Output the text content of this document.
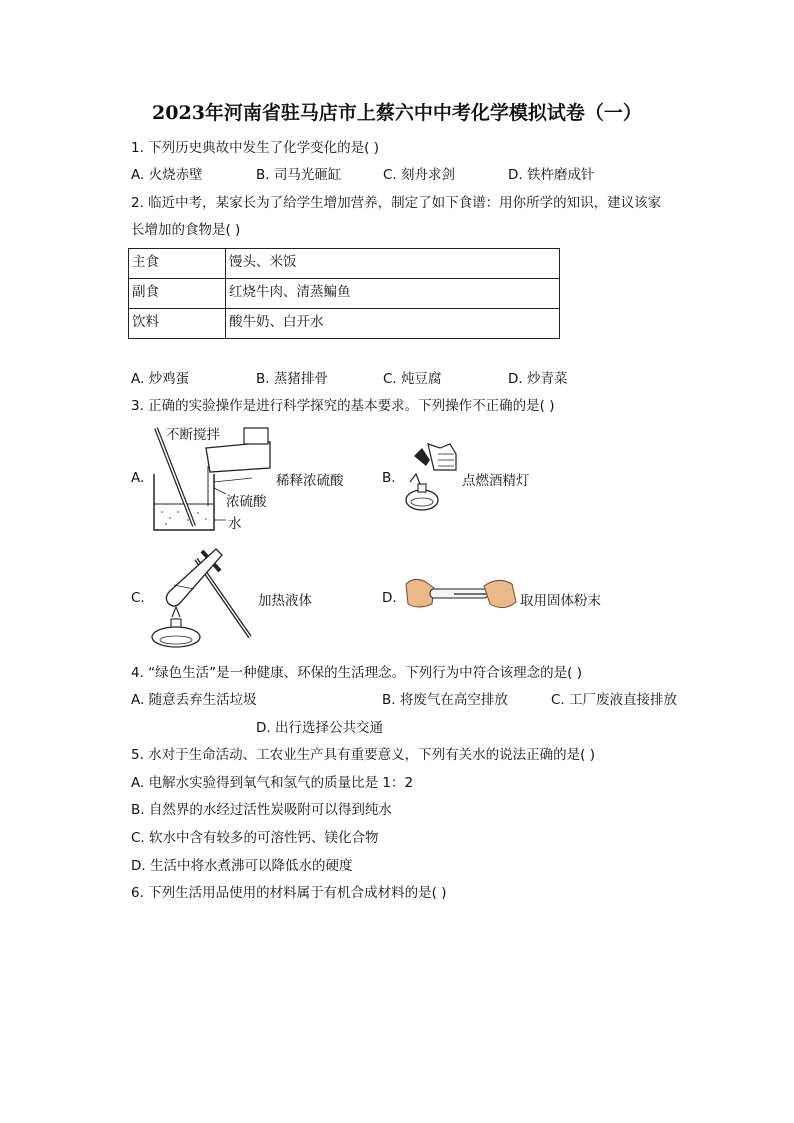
2023年河南省驻马店市上蔡六中中考化学模拟试卷（一）
1. 下列历史典故中发生了化学变化的是( )
A. 火烧赤壁	B. 司马光砸缸	C. 刻舟求剑	D. 铁杵磨成针
2. 临近中考，某家长为了给学生增加营养，制定了如下食谱：用你所学的知识，建议该家
长增加的食物是( )
主食	馒头、米饭
副食	红烧牛肉、清蒸鳊鱼
饮料	酸牛奶、白开水
A. 炒鸡蛋	B. 蒸猪排骨	C. 炖豆腐	D. 炒青菜
3. 正确的实验操作是进行科学探究的基本要求。下列操作不正确的是( )
A.
不断搅拌
稀释浓硫酸
浓硫酸
水
B.	点燃酒精灯
C.	加热液体	D.	取用固体粉末
4. “绿色生活”是一种健康、环保的生活理念。下列行为中符合该理念的是( )
A. 随意丢弃生活垃圾	B. 将废气在高空排放	C. 工厂废液直接排放
D. 出行选择公共交通
5. 水对于生命活动、工农业生产具有重要意义，下列有关水的说法正确的是( )
A. 电解水实验得到氧气和氢气的质量比是 1：2
B. 自然界的水经过活性炭吸附可以得到纯水
C. 软水中含有较多的可溶性钙、镁化合物
D. 生活中将水煮沸可以降低水的硬度
6. 下列生活用品使用的材料属于有机合成材料的是( )
